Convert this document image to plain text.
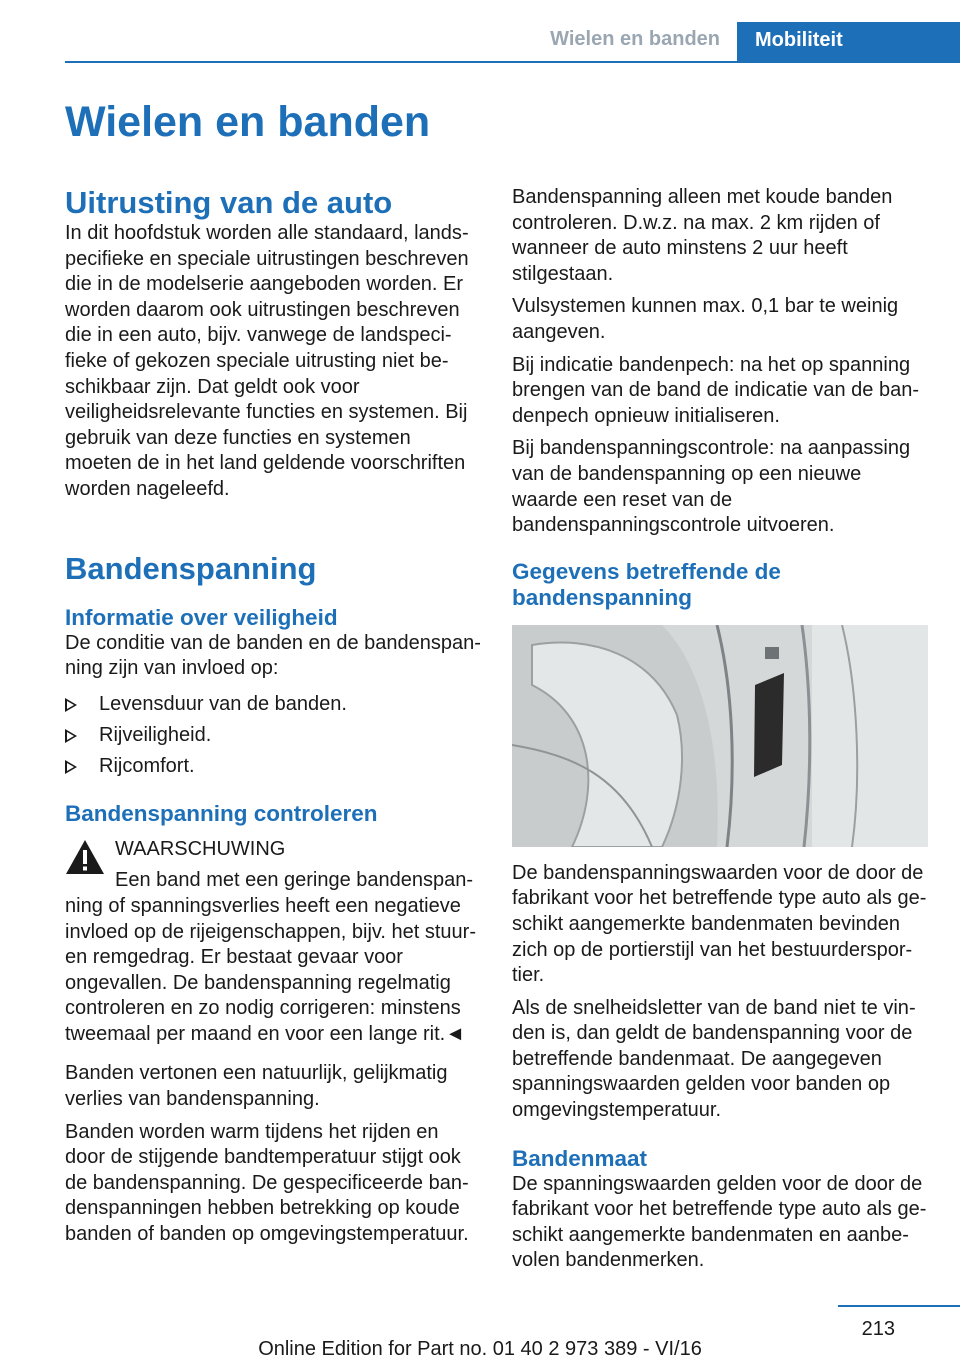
Wielen en banden	Mobiliteit
Wielen en banden
Uitrusting van de auto

In dit hoofdstuk worden alle standaard, landspecifieke en speciale uitrustingen beschreven die in de modelserie aangeboden worden. Er worden daarom ook uitrustingen beschreven die in een auto, bijv. vanwege de landspecifieke of gekozen speciale uitrusting niet beschikbaar zijn. Dat geldt ook voor veiligheidsrelevante functies en systemen. Bij gebruik van deze functies en systemen moeten de in het land geldende voorschriften worden nageleefd.

Bandenspanning
Informatie over veiligheid

De conditie van de banden en de bandenspanning zijn van invloed op:

Levensduur van de banden.
Rijveiligheid.
Rijcomfort.
Bandenspanning controleren
WAARSCHUWING

Een band met een geringe bandenspanning of spanningsverlies heeft een negatieve invloed op de rijeigenschappen, bijv. het stuur- en remgedrag. Er bestaat gevaar voor ongevallen. De bandenspanning regelmatig controleren en zo nodig corrigeren: minstens tweemaal per maand en voor een lange rit.◄

Banden vertonen een natuurlijk, gelijkmatig verlies van bandenspanning.

Banden worden warm tijdens het rijden en door de stijgende bandtemperatuur stijgt ook de bandenspanning. De gespecificeerde bandenspanningen hebben betrekking op koude banden of banden op omgevingstemperatuur.

Bandenspanning alleen met koude banden controleren. D.w.z. na max. 2 km rijden of wanneer de auto minstens 2 uur heeft stilgestaan.

Vulsystemen kunnen max. 0,1 bar te weinig aangeven.

Bij indicatie bandenpech: na het op spanning brengen van de band de indicatie van de bandenpech opnieuw initialiseren.

Bij bandenspanningscontrole: na aanpassing van de bandenspanning op een nieuwe waarde een reset van de bandenspanningscontrole uitvoeren.

Gegevens betreffende de bandenspanning

De bandenspanningswaarden voor de door de fabrikant voor het betreffende type auto als geschikt aangemerkte bandenmaten bevinden zich op de portierstijl van het bestuurdersportier.

Als de snelheidsletter van de band niet te vinden is, dan geldt de bandenspanning voor de betreffende bandenmaat. De aangegeven spanningswaarden gelden voor banden op omgevingstemperatuur.

Bandenmaat

De spanningswaarden gelden voor de door de fabrikant voor het betreffende type auto als geschikt aangemerkte bandenmaten en aanbevolen bandenmerken.

213
Online Edition for Part no. 01 40 2 973 389 - VI/16
